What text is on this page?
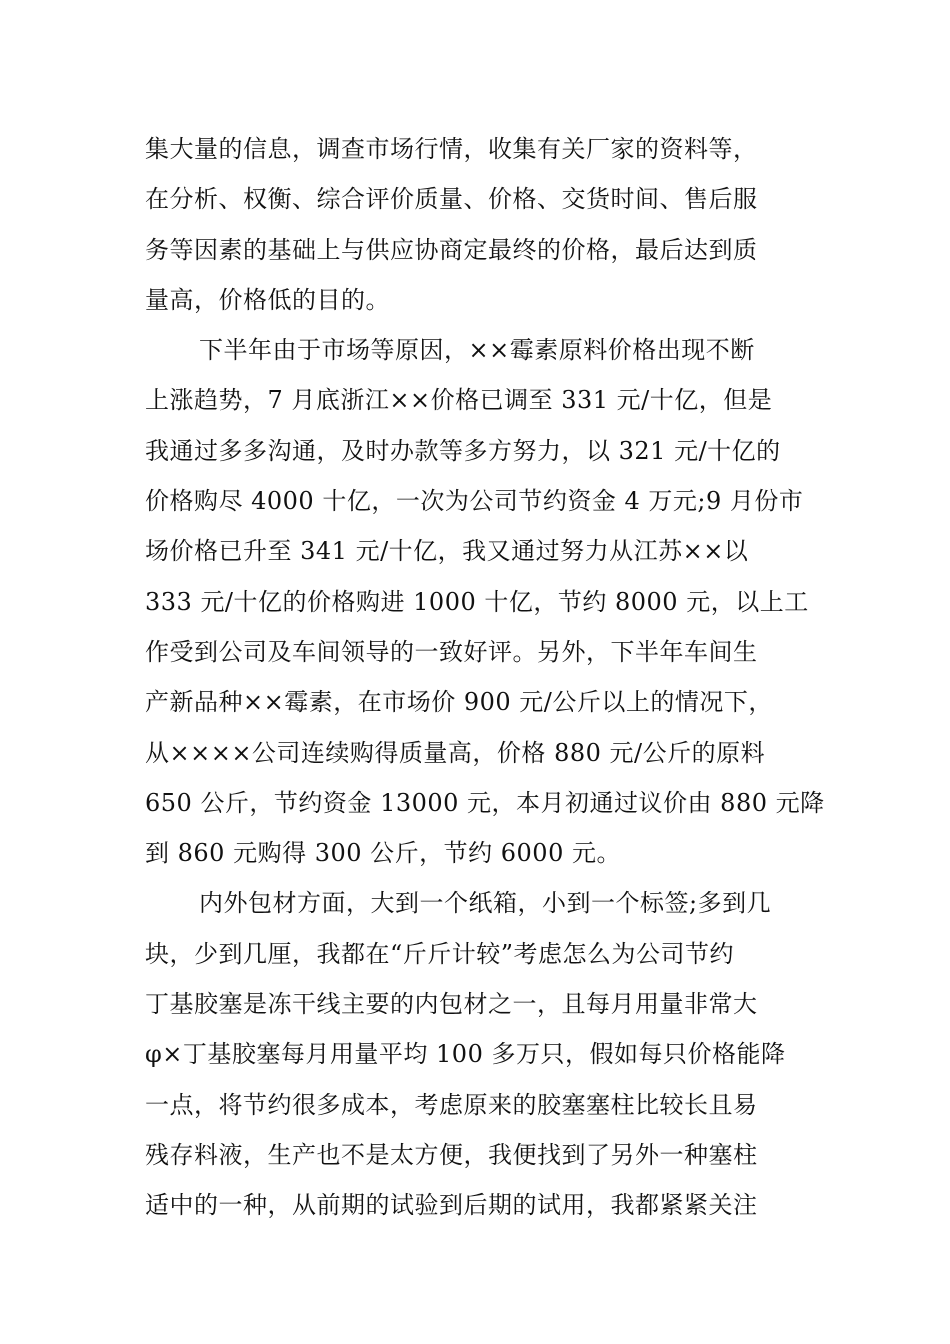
集大量的信息，调查市场行情，收集有关厂家的资料等，
在分析、权衡、综合评价质量、价格、交货时间、售后服
务等因素的基础上与供应协商定最终的价格，最后达到质
量高，价格低的目的。
下半年由于市场等原因，××霉素原料价格出现不断
上涨趋势，7 月底浙江××价格已调至 331 元/十亿，但是
我通过多多沟通，及时办款等多方努力，以 321 元/十亿的
价格购尽 4000 十亿，一次为公司节约资金 4 万元;9 月份市
场价格已升至 341 元/十亿，我又通过努力从江苏××以
333 元/十亿的价格购进 1000 十亿，节约 8000 元，以上工
作受到公司及车间领导的一致好评。另外，下半年车间生
产新品种××霉素，在市场价 900 元/公斤以上的情况下，
从××××公司连续购得质量高，价格 880 元/公斤的原料
650 公斤，节约资金 13000 元，本月初通过议价由 880 元降
到 860 元购得 300 公斤，节约 6000 元。
内外包材方面，大到一个纸箱，小到一个标签;多到几
块，少到几厘，我都在“斤斤计较”考虑怎么为公司节约
丁基胶塞是冻干线主要的内包材之一，且每月用量非常大
φ×丁基胶塞每月用量平均 100 多万只，假如每只价格能降
一点，将节约很多成本，考虑原来的胶塞塞柱比较长且易
残存料液，生产也不是太方便，我便找到了另外一种塞柱
适中的一种，从前期的试验到后期的试用，我都紧紧关注
